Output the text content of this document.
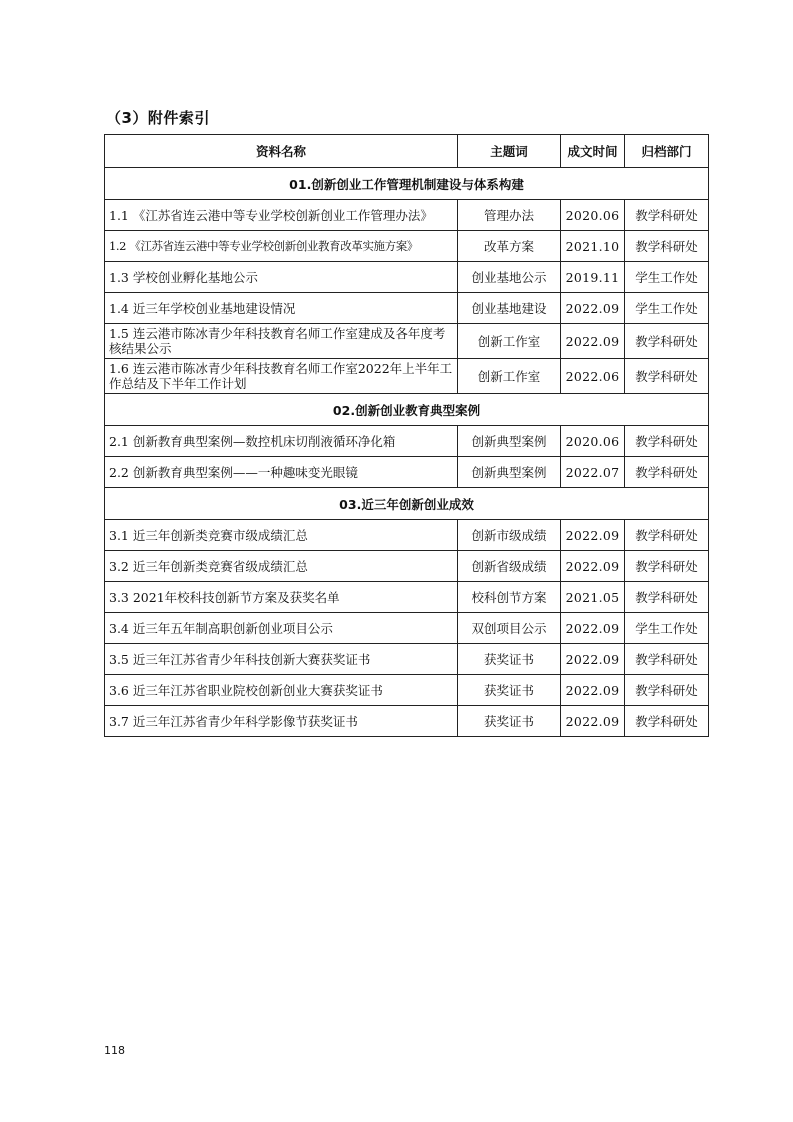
（3）附件索引
资料名称	主题词	成文时间	归档部门
01.创新创业工作管理机制建设与体系构建			
1.1 《江苏省连云港中等专业学校创新创业工作管理办法》	管理办法	2020.06	教学科研处
1.2 《江苏省连云港中等专业学校创新创业教育改革实施方案》	改革方案	2021.10	教学科研处
1.3 学校创业孵化基地公示	创业基地公示	2019.11	学生工作处
1.4 近三年学校创业基地建设情况	创业基地建设	2022.09	学生工作处
1.5 连云港市陈冰青少年科技教育名师工作室建成及各年度考核结果公示	创新工作室	2022.09	教学科研处
1.6 连云港市陈冰青少年科技教育名师工作室2022年上半年工作总结及下半年工作计划	创新工作室	2022.06	教学科研处
02.创新创业教育典型案例			
2.1 创新教育典型案例—数控机床切削液循环净化箱	创新典型案例	2020.06	教学科研处
2.2 创新教育典型案例——一种趣味变光眼镜	创新典型案例	2022.07	教学科研处
03.近三年创新创业成效			
3.1 近三年创新类竞赛市级成绩汇总	创新市级成绩	2022.09	教学科研处
3.2 近三年创新类竞赛省级成绩汇总	创新省级成绩	2022.09	教学科研处
3.3 2021年校科技创新节方案及获奖名单	校科创节方案	2021.05	教学科研处
3.4 近三年五年制高职创新创业项目公示	双创项目公示	2022.09	学生工作处
3.5 近三年江苏省青少年科技创新大赛获奖证书	获奖证书	2022.09	教学科研处
3.6 近三年江苏省职业院校创新创业大赛获奖证书	获奖证书	2022.09	教学科研处
3.7 近三年江苏省青少年科学影像节获奖证书	获奖证书	2022.09	教学科研处
118
